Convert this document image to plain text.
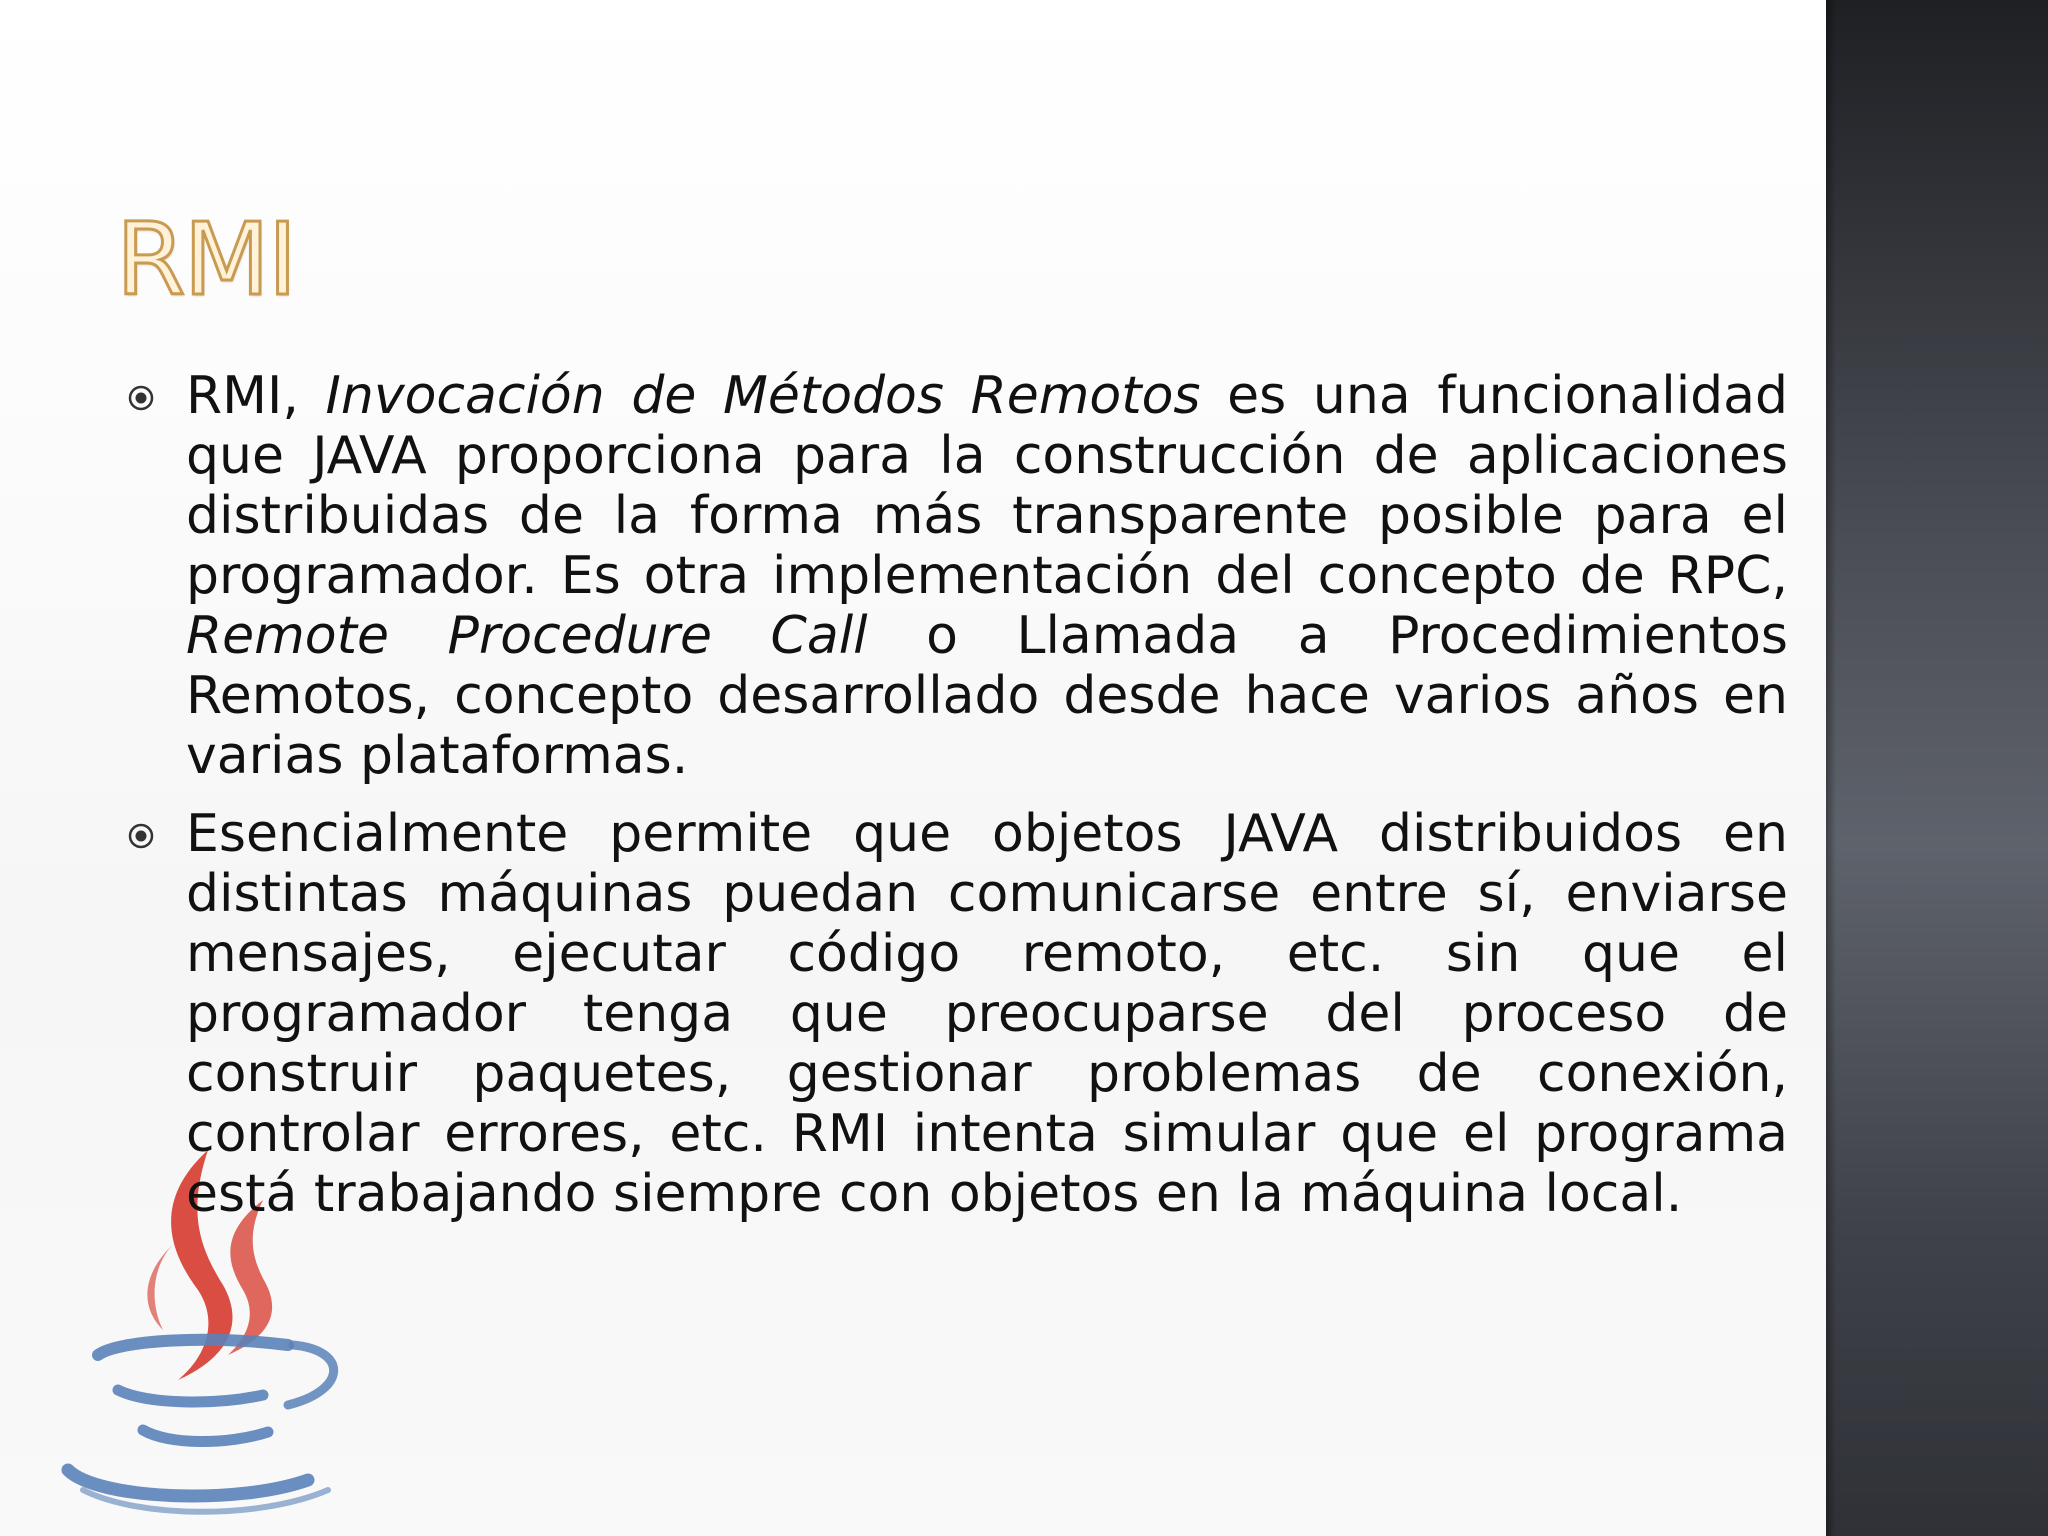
RMI

RMI, Invocación de Métodos Remotos es una funcionalidad que JAVA proporciona para la construcción de aplicaciones distribuidas de la forma más transparente posible para el programador. Es otra implementación del concepto de RPC, Remote Procedure Call o Llamada a Procedimientos Remotos, concepto desarrollado desde hace varios años en varias plataformas.

Esencialmente permite que objetos JAVA distribuidos en distintas máquinas puedan comunicarse entre sí, enviarse mensajes, ejecutar código remoto, etc. sin que el programador tenga que preocuparse del proceso de construir paquetes, gestionar problemas de conexión, controlar errores, etc. RMI intenta simular que el programa está trabajando siempre con objetos en la máquina local.
